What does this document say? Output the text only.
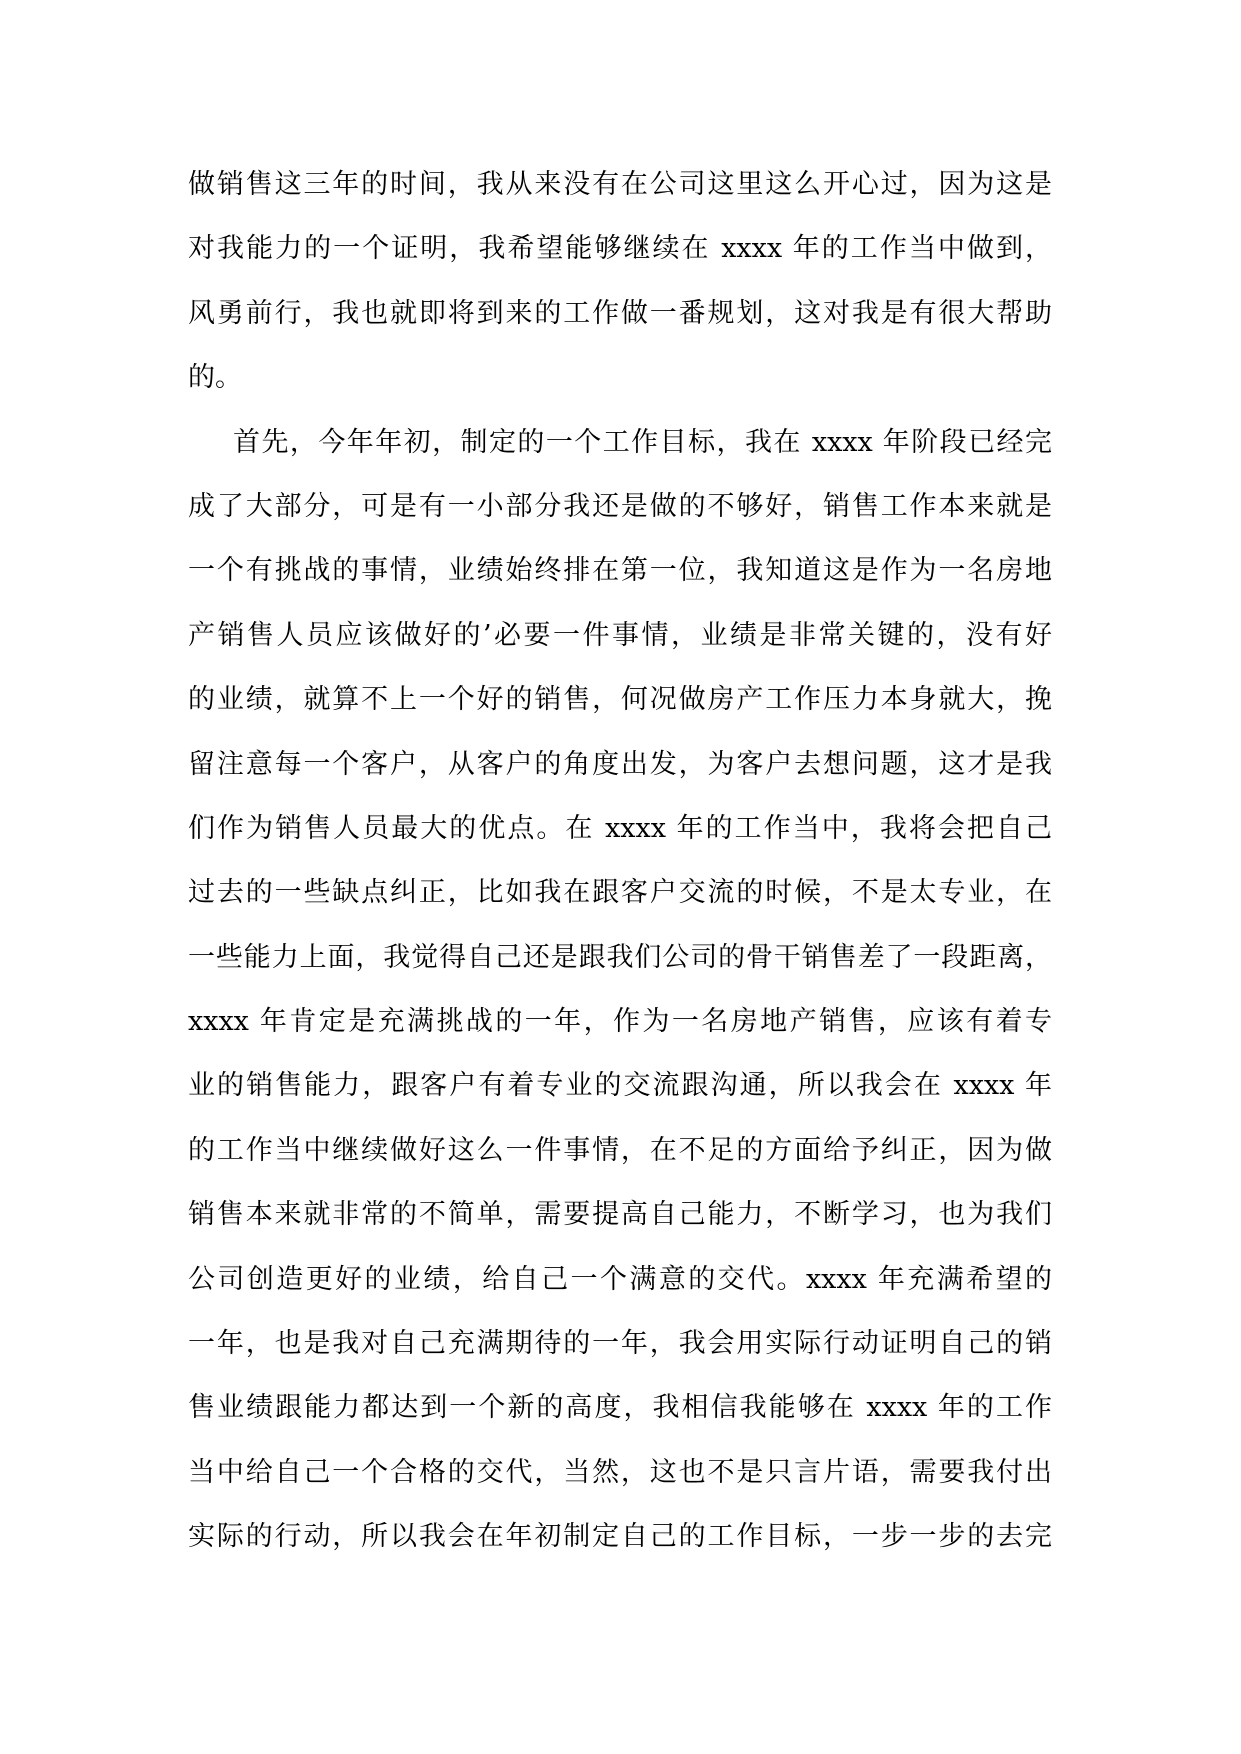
做销售这三年的时间，我从来没有在公司这里这么开心过，因为这是
对我能力的一个证明，我希望能够继续在 xxxx 年的工作当中做到，
风勇前行，我也就即将到来的工作做一番规划，这对我是有很大帮助
的。
首先，今年年初，制定的一个工作目标，我在 xxxx 年阶段已经完
成了大部分，可是有一小部分我还是做的不够好，销售工作本来就是
一个有挑战的事情，业绩始终排在第一位，我知道这是作为一名房地
产销售人员应该做好的’必要一件事情，业绩是非常关键的，没有好
的业绩，就算不上一个好的销售，何况做房产工作压力本身就大，挽
留注意每一个客户，从客户的角度出发，为客户去想问题，这才是我
们作为销售人员最大的优点。在 xxxx 年的工作当中，我将会把自己
过去的一些缺点纠正，比如我在跟客户交流的时候，不是太专业，在
一些能力上面，我觉得自己还是跟我们公司的骨干销售差了一段距离，
xxxx 年肯定是充满挑战的一年，作为一名房地产销售，应该有着专
业的销售能力，跟客户有着专业的交流跟沟通，所以我会在 xxxx 年
的工作当中继续做好这么一件事情，在不足的方面给予纠正，因为做
销售本来就非常的不简单，需要提高自己能力，不断学习，也为我们
公司创造更好的业绩，给自己一个满意的交代。xxxx 年充满希望的
一年，也是我对自己充满期待的一年，我会用实际行动证明自己的销
售业绩跟能力都达到一个新的高度，我相信我能够在 xxxx 年的工作
当中给自己一个合格的交代，当然，这也不是只言片语，需要我付出
实际的行动，所以我会在年初制定自己的工作目标，一步一步的去完
